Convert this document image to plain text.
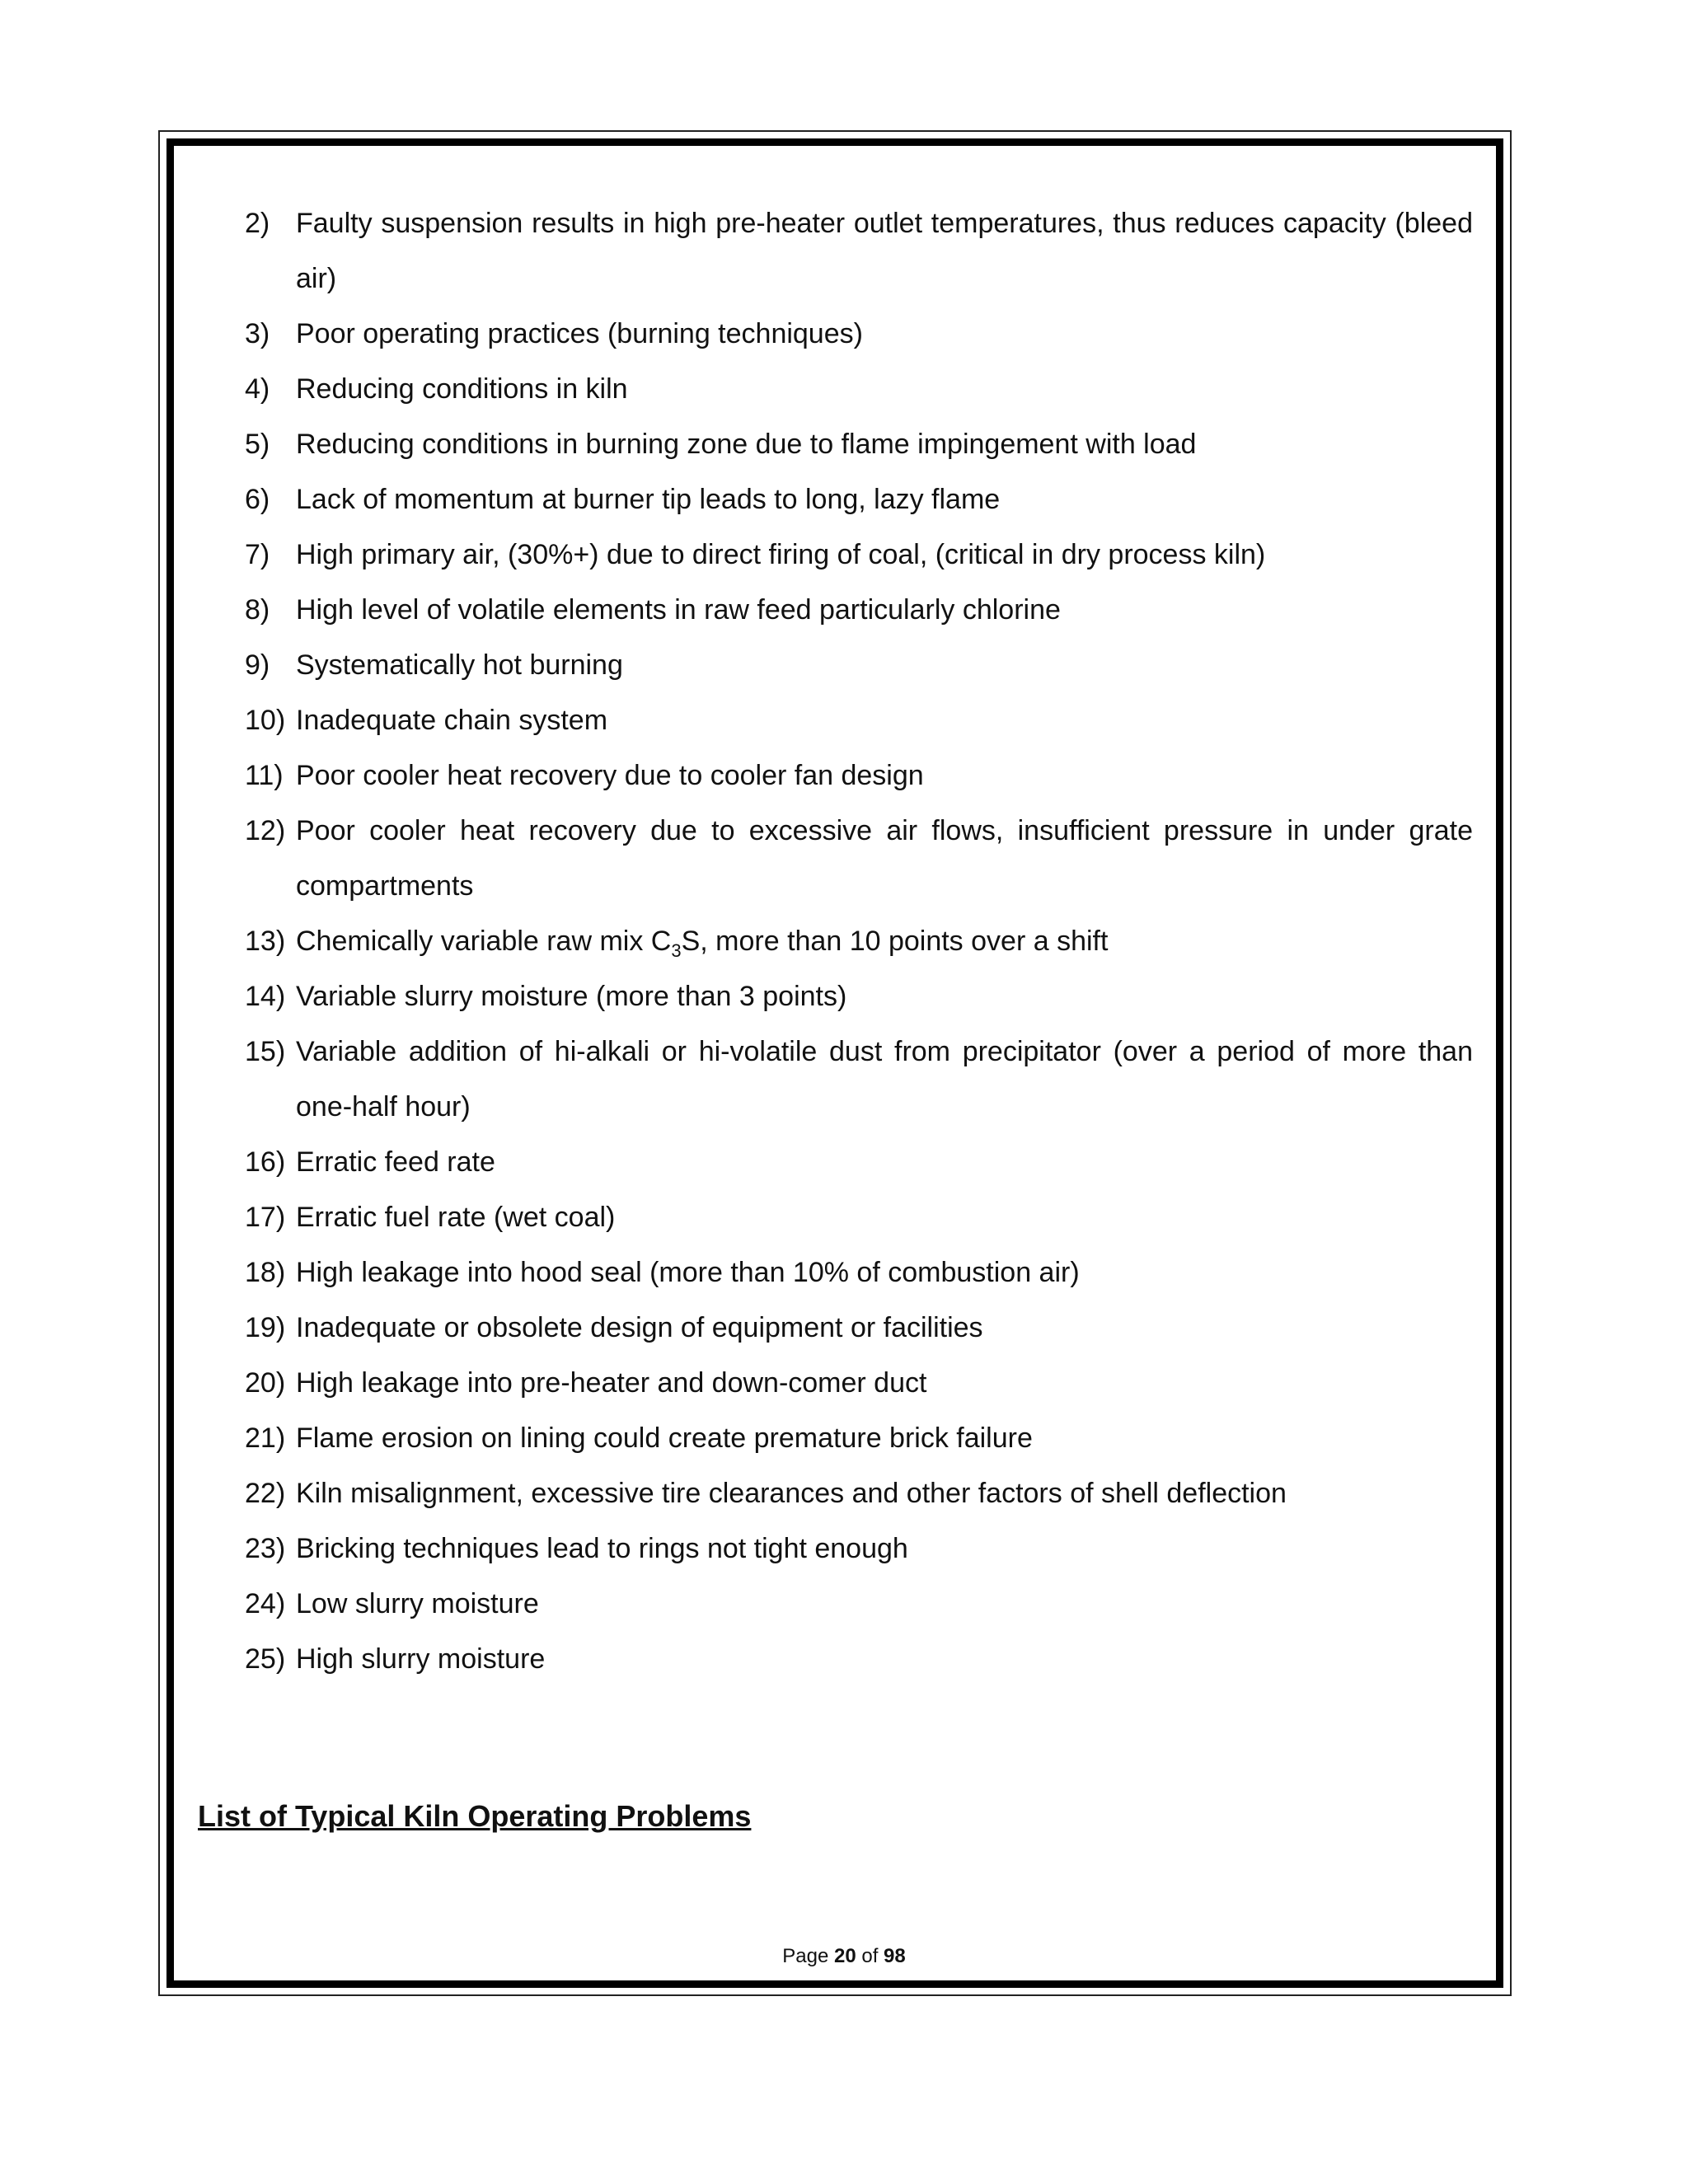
2) Faulty suspension results in high pre-heater outlet temperatures, thus reduces capacity (bleed air)
3) Poor operating practices (burning techniques)
4) Reducing conditions in kiln
5) Reducing conditions in burning zone due to flame impingement with load
6) Lack of momentum at burner tip leads to long, lazy flame
7) High primary air, (30%+) due to direct firing of coal, (critical in dry process kiln)
8) High level of volatile elements in raw feed particularly chlorine
9) Systematically hot burning
10) Inadequate chain system
11) Poor cooler heat recovery due to cooler fan design
12) Poor cooler heat recovery due to excessive air flows, insufficient pressure in under grate compartments
13) Chemically variable raw mix $C_3S$, more than 10 points over a shift
14) Variable slurry moisture (more than 3 points)
15) Variable addition of hi-alkali or hi-volatile dust from precipitator (over a period of more than one-half hour)
16) Erratic feed rate
17) Erratic fuel rate (wet coal)
18) High leakage into hood seal (more than 10% of combustion air)
19) Inadequate or obsolete design of equipment or facilities
20) High leakage into pre-heater and down-comer duct
21) Flame erosion on lining could create premature brick failure
22) Kiln misalignment, excessive tire clearances and other factors of shell deflection
23) Bricking techniques lead to rings not tight enough
24) Low slurry moisture
25) High slurry moisture
List of Typical Kiln Operating Problems
Page 20 of 98
